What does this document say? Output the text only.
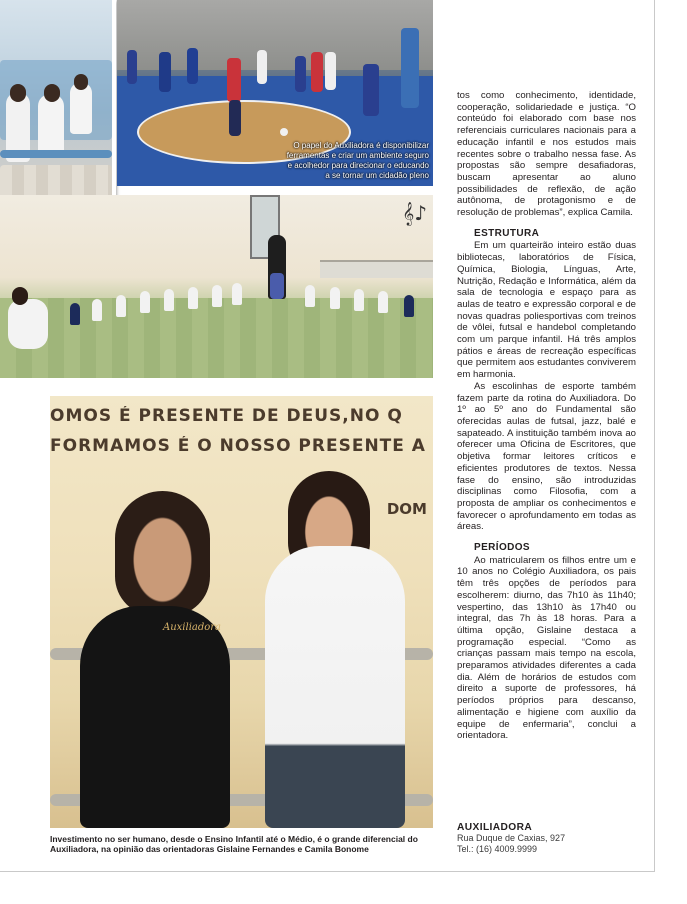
O papel do Auxiliadora é disponibilizar ferramentas e criar um ambiente seguro e acolhedor para direcionar o educando a se tornar um cidadão pleno
𝄞♪
OMOS É PRESENTE DE DEUS,NO Q
FORMAMOS É O NOSSO PRESENTE A
DOM
Auxiliadora
Investimento no ser humano, desde o Ensino Infantil até o Médio, é o grande diferencial do Auxiliadora, na opinião das orientadoras Gislaine Fernandes e Camila Bonome

tos como conhecimento, identidade, cooperação, solidariedade e justiça. “O conteúdo foi elaborado com base nos referenciais curriculares nacionais para a educação infantil e nos estudos mais recentes sobre o trabalho nessa fase. As propostas são sempre desafiadoras, buscam apresentar ao aluno possibilidades de reflexão, de ação autônoma, de protagonismo e de resolução de problemas”, explica Camila.

ESTRUTURA

Em um quarteirão inteiro estão duas bibliotecas, laboratórios de Física, Química, Biologia, Línguas, Arte, Nutrição, Redação e Informática, além da sala de tecnologia e espaço para as aulas de teatro e expressão corporal e de novas quadras poliesportivas com treinos de vôlei, futsal e handebol completando com um parque infantil. Há três amplos pátios e áreas de recreação específicas que permitem aos estudantes conviverem em harmonia.

As escolinhas de esporte também fazem parte da rotina do Auxiliadora. Do 1º ao 5º ano do Fundamental são oferecidas aulas de futsal, jazz, balé e sapateado. A instituição também inova ao oferecer uma Oficina de Escritores, que objetiva formar leitores críticos e eficientes produtores de textos. Nessa fase do ensino, são introduzidas disciplinas como Filosofia, com a proposta de ampliar os conhecimentos e favorecer o aprofundamento em todas as áreas.

PERÍODOS

Ao matricularem os filhos entre um e 10 anos no Colégio Auxiliadora, os pais têm três opções de períodos para escolherem: diurno, das 7h10 às 11h40; vespertino, das 13h10 às 17h40 ou integral, das 7h às 18 horas. Para a última opção, Gislaine destaca a programação especial. “Como as crianças passam mais tempo na escola, preparamos atividades diferentes a cada dia. Além de horários de estudos com direito a suporte de professores, há períodos próprios para descanso, alimentação e higiene com auxílio da equipe de enfermaria”, conclui a orientadora.

AUXILIADORA
Rua Duque de Caxias, 927
Tel.: (16) 4009.9999
